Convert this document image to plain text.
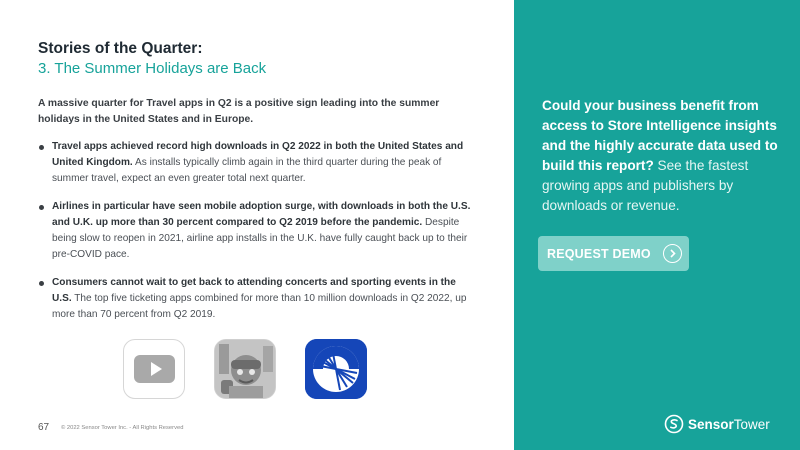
Stories of the Quarter:
3. The Summer Holidays are Back

A massive quarter for Travel apps in Q2 is a positive sign leading into the summer holidays in the United States and in Europe.

Travel apps achieved record high downloads in Q2 2022 in both the United States and United Kingdom. As installs typically climb again in the third quarter during the peak of summer travel, expect an even greater total next quarter.
Airlines in particular have seen mobile adoption surge, with downloads in both the U.S. and U.K. up more than 30 percent compared to Q2 2019 before the pandemic. Despite being slow to reopen in 2021, airline app installs in the U.K. have fully caught back up to their pre-COVID pace.
Consumers cannot wait to get back to attending concerts and sporting events in the U.S. The top five ticketing apps combined for more than 10 million downloads in Q2 2022, up more than 70 percent from Q2 2019.
67 © 2022 Sensor Tower Inc. - All Rights Reserved

Could your business benefit from access to Store Intelligence insights and the highly accurate data used to build this report? See the fastest growing apps and publishers by downloads or revenue.

REQUEST DEMO
SensorTower
